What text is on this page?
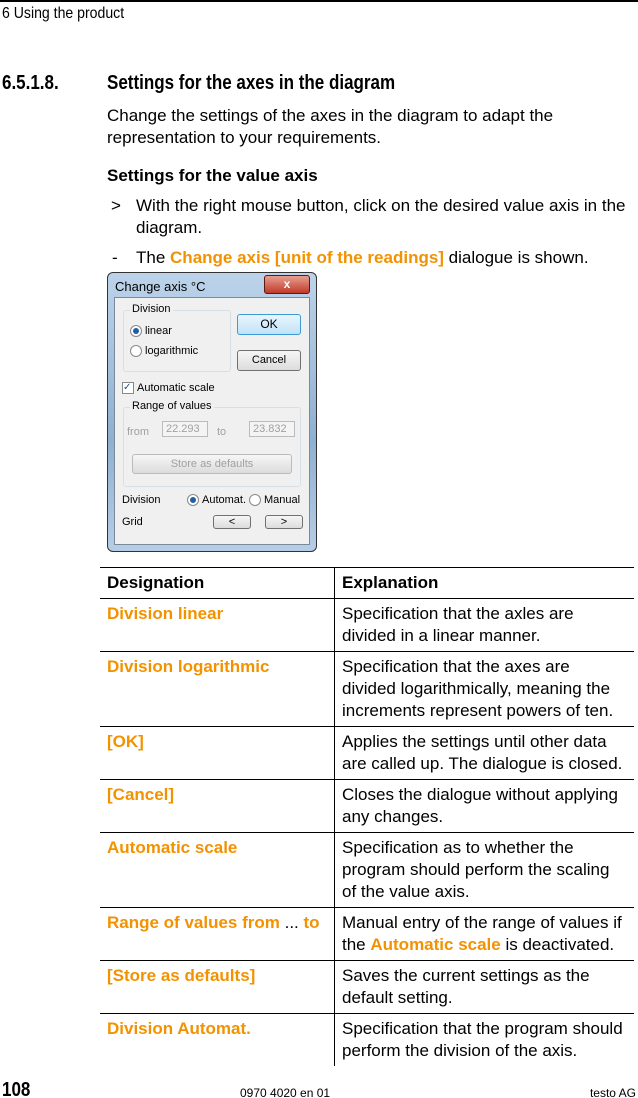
6 Using the product
6.5.1.8. Settings for the axes in the diagram
Change the settings of the axes in the diagram to adapt the representation to your requirements.
Settings for the value axis
> With the right mouse button, click on the desired value axis in the diagram.
- The Change axis [unit of the readings] dialogue is shown.
Change axis °C	x
Division
linear
logarithmic
OK
Cancel
✓ Automatic scale
Range of values
from	22.293	to	23.832
Store as defaults
Division	Automat.	Manual
Grid	<	>
Designation	Explanation
Division linear	Specification that the axles are divided in a linear manner.
Division logarithmic	Specification that the axes are divided logarithmically, meaning the increments represent powers of ten.
[OK]	Applies the settings until other data are called up. The dialogue is closed.
[Cancel]	Closes the dialogue without applying any changes.
Automatic scale	Specification as to whether the program should perform the scaling of the value axis.
Range of values from ... to	Manual entry of the range of values if the Automatic scale is deactivated.
[Store as defaults]	Saves the current settings as the default setting.
Division Automat.	Specification that the program should perform the division of the axis.
108	0970 4020 en 01	testo AG
